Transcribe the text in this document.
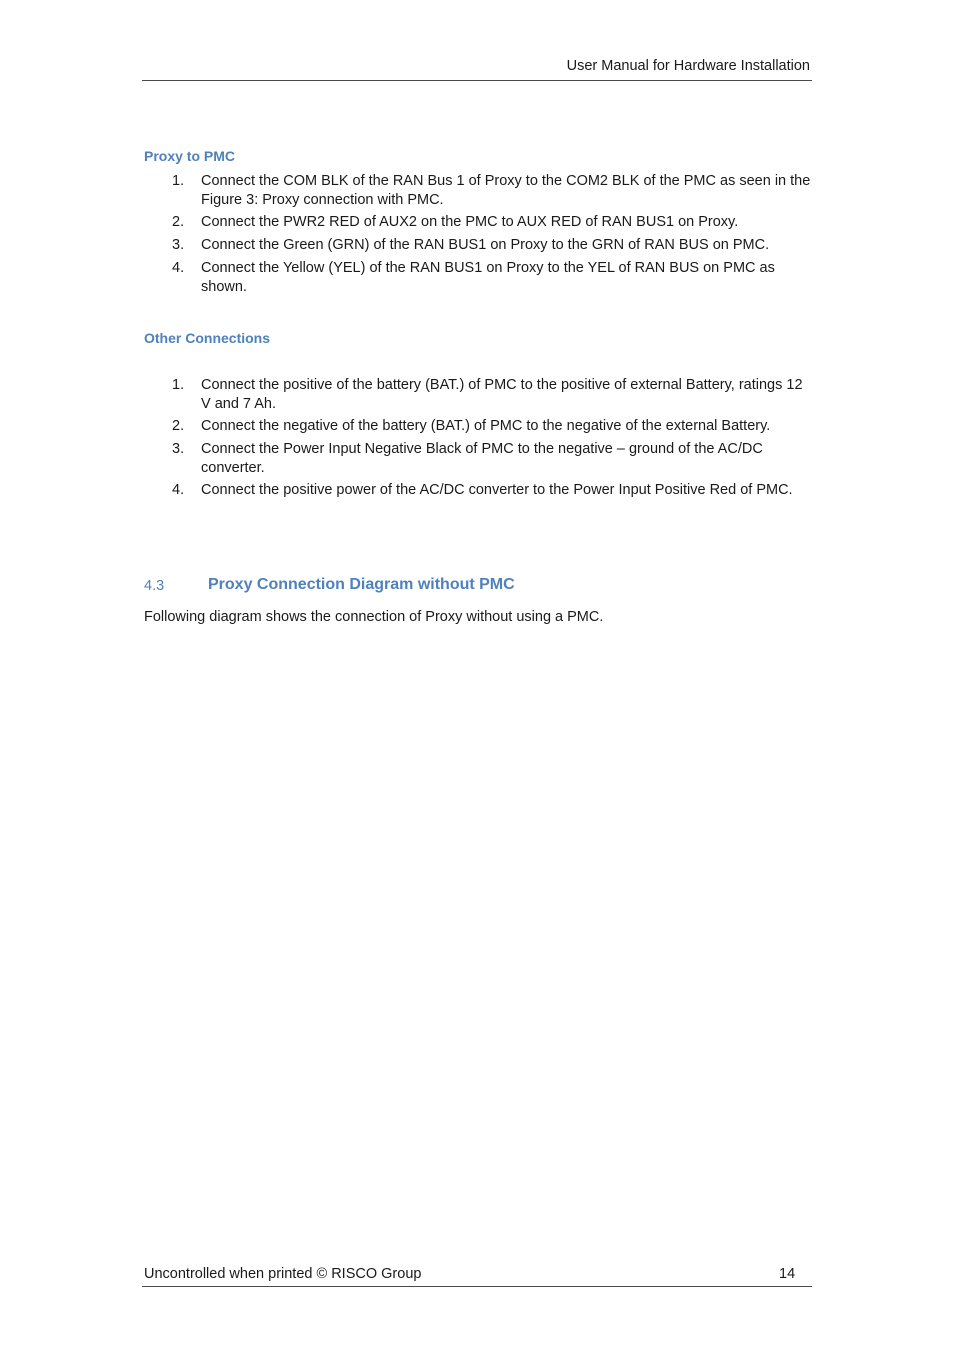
User Manual for Hardware Installation
Proxy to PMC
1.	Connect the COM BLK of the RAN Bus 1 of Proxy to the COM2 BLK of the PMC as seen in the Figure 3: Proxy connection with PMC.
2.	Connect the PWR2 RED of AUX2 on the PMC to AUX RED of RAN BUS1 on Proxy.
3.	Connect the Green (GRN) of the RAN BUS1 on Proxy to the GRN of RAN BUS on PMC.
4.	Connect the Yellow (YEL) of the RAN BUS1 on Proxy to the YEL of RAN BUS on PMC as shown.
Other Connections
1.	Connect the positive of the battery (BAT.) of PMC to the positive of external Battery, ratings 12 V and 7 Ah.
2.	Connect the negative of the battery (BAT.) of PMC to the negative of the external Battery.
3.	Connect the Power Input Negative Black of PMC to the negative – ground of the AC/DC converter.
4.	Connect the positive power of the AC/DC converter to the Power Input Positive Red of PMC.
4.3	Proxy Connection Diagram without PMC
Following diagram shows the connection of Proxy without using a PMC.
Uncontrolled when printed © RISCO Group	14
